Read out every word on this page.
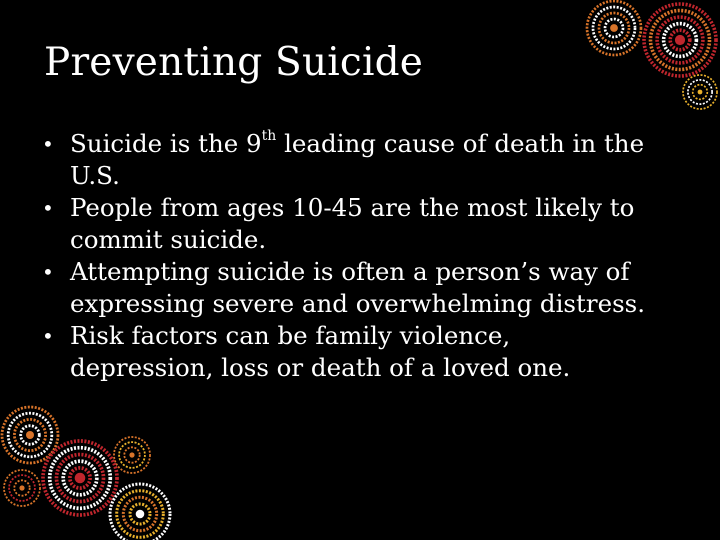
Preventing Suicide
• Suicide is the 9th leading cause of death in the U.S.
• People from ages 10-45 are the most likely to commit suicide.
• Attempting suicide is often a person’s way of expressing severe and overwhelming distress.
• Risk factors can be family violence, depression, loss or death of a loved one.
